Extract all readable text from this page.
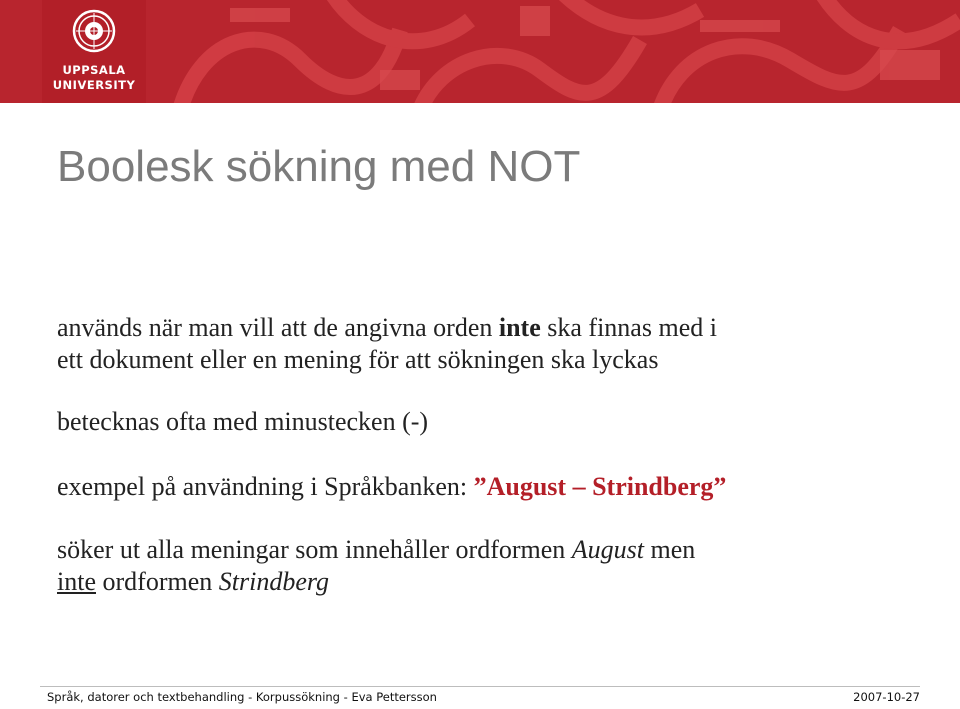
UPPSALA
UNIVERSITY
Boolesk sökning med NOT

används när man vill att de angivna orden inte ska finnas med i
ett dokument eller en mening för att sökningen ska lyckas

betecknas ofta med minustecken (-)

exempel på användning i Språkbanken: ”August – Strindberg”

söker ut alla meningar som innehåller ordformen August men
inte ordformen Strindberg

Språk, datorer och textbehandling - Korpussökning - Eva Pettersson	2007-10-27
